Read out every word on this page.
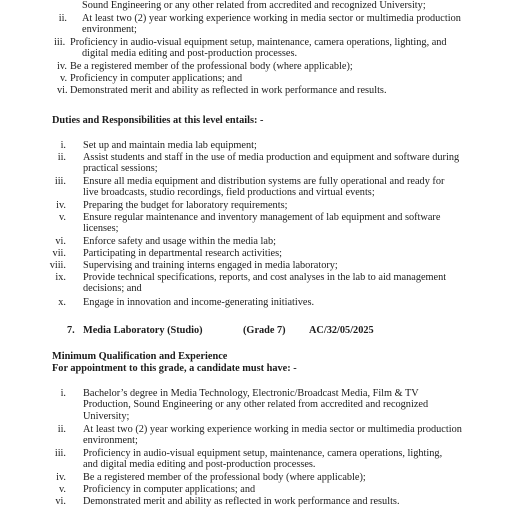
Sound Engineering or any other related from accredited and recognized University;
ii. At least two (2) year working experience working in media sector or multimedia production
environment;
iii. Proficiency in audio-visual equipment setup, maintenance, camera operations, lighting, and
digital media editing and post-production processes.
iv. Be a registered member of the professional body (where applicable);
v. Proficiency in computer applications; and
vi. Demonstrated merit and ability as reflected in work performance and results.
Duties and Responsibilities at this level entails: -
i. Set up and maintain media lab equipment;
ii. Assist students and staff in the use of media production and equipment and software during
practical sessions;
iii. Ensure all media equipment and distribution systems are fully operational and ready for
live broadcasts, studio recordings, field productions and virtual events;
iv. Preparing the budget for laboratory requirements;
v. Ensure regular maintenance and inventory management of lab equipment and software
licenses;
vi. Enforce safety and usage within the media lab;
vii. Participating in departmental research activities;
viii. Supervising and training interns engaged in media laboratory;
ix. Provide technical specifications, reports, and cost analyses in the lab to aid management
decisions; and
x. Engage in innovation and income-generating initiatives.
7. Media Laboratory (Studio)	(Grade 7) AC/32/05/2025
Minimum Qualification and Experience
For appointment to this grade, a candidate must have: -
i. Bachelor’s degree in Media Technology, Electronic/Broadcast Media, Film & TV
Production, Sound Engineering or any other related from accredited and recognized
University;
ii. At least two (2) year working experience working in media sector or multimedia production
environment;
iii. Proficiency in audio-visual equipment setup, maintenance, camera operations, lighting,
and digital media editing and post-production processes.
iv. Be a registered member of the professional body (where applicable);
v. Proficiency in computer applications; and
vi. Demonstrated merit and ability as reflected in work performance and results.
